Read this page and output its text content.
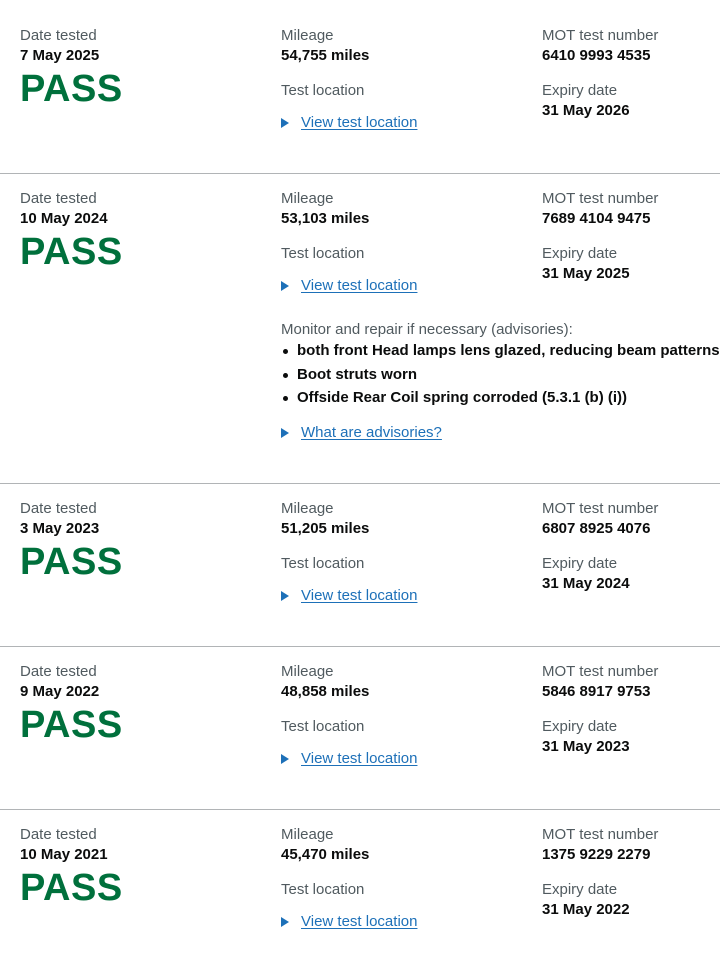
Date tested
7 May 2025
PASS
Mileage
54,755 miles
Test location
View test location
MOT test number
6410 9993 4535
Expiry date
31 May 2026
Date tested
10 May 2024
PASS
Mileage
53,103 miles
Test location
View test location
MOT test number
7689 4104 9475
Expiry date
31 May 2025
Monitor and repair if necessary (advisories):
both front Head lamps lens glazed, reducing beam patterns
Boot struts worn
Offside Rear Coil spring corroded (5.3.1 (b) (i))
What are advisories?
Date tested
3 May 2023
PASS
Mileage
51,205 miles
Test location
View test location
MOT test number
6807 8925 4076
Expiry date
31 May 2024
Date tested
9 May 2022
PASS
Mileage
48,858 miles
Test location
View test location
MOT test number
5846 8917 9753
Expiry date
31 May 2023
Date tested
10 May 2021
PASS
Mileage
45,470 miles
Test location
View test location
MOT test number
1375 9229 2279
Expiry date
31 May 2022
